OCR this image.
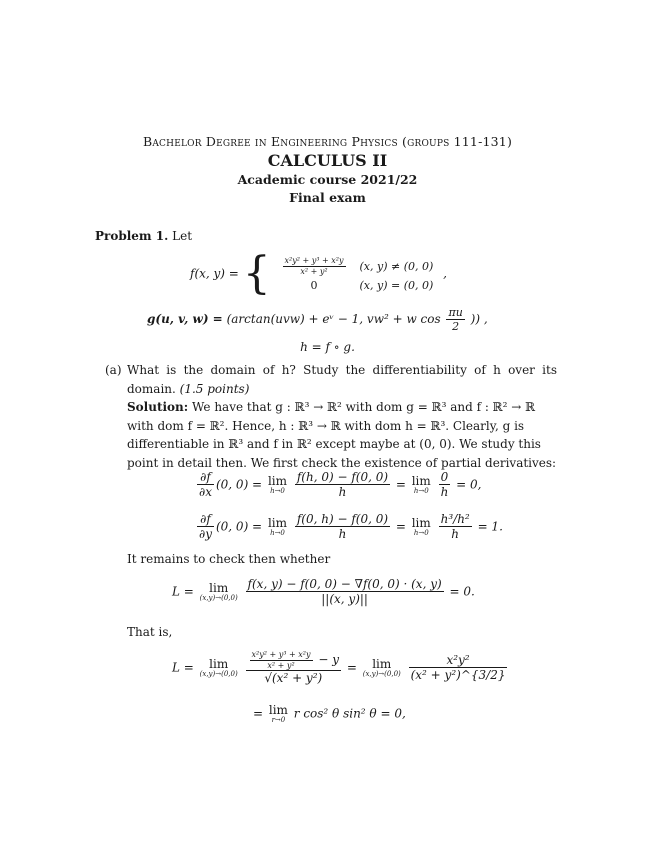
Bachelor Degree in Engineering Physics (groups 111-131)
CALCULUS II
Academic course 2021/22
Final exam
Problem 1. Let
f(x, y) = { $\frac{\text{x²y² + y³ + x²y}}{\text{x² + y²}}$	(x, y) ≠ (0, 0)
0	(x, y) = (0, 0) ,
g(u, v, w) = (arctan(uvw) + eᵛ − 1, vw² + w $\cos \frac{\pi u}{2}$ )) ,
h = f ∘ g.
(a) What is the domain of h? Study the differentiability of h over its domain. (1.5 points)
Solution: We have that g : ℝ³ → ℝ² with dom g = ℝ³ and f : ℝ² → ℝ
with dom f = ℝ². Hence, h : ℝ³ → ℝ with dom h = ℝ³. Clearly, g is
differentiable in ℝ³ and f in ℝ² except maybe at (0, 0). We study this
point in detail then. We first check the existence of partial derivatives:
$\frac{\partial f}{\partial x} (0$, 0) = lim
h→0
$\frac{f(h, 0) - f(0, 0)}{h} = \lim$
h→0
$\frac{0}{h} = 0$,
$\frac{\partial f}{\partial y} (0$, 0) = lim
h→0
$\frac{f(0, h) - f(0, 0)}{h} = \lim$
h→0
$\frac{\text{h³/h²}}{h} = 1$.
It remains to check then whether
L = lim
(x,y)→(0,0)
$\frac{f(x, y) - f(0, 0) - \nabla f(0, 0) \cdot (x, y)}{||(x, y)||} = 0$.
That is,
L = lim
(x,y)→(0,0)
$\frac{\frac{\text{x²y² + y³ + x²y}}{\text{x² + y²}} - y}{\text{√(x² + y²)}} = \lim$
(x,y)→(0,0)
$\frac{\text{x²y²}}{\text{(x² + y²)\textasciicircum{}\{3/2\}}}$
= lim
r→0 r cos² θ sin² θ = 0,
